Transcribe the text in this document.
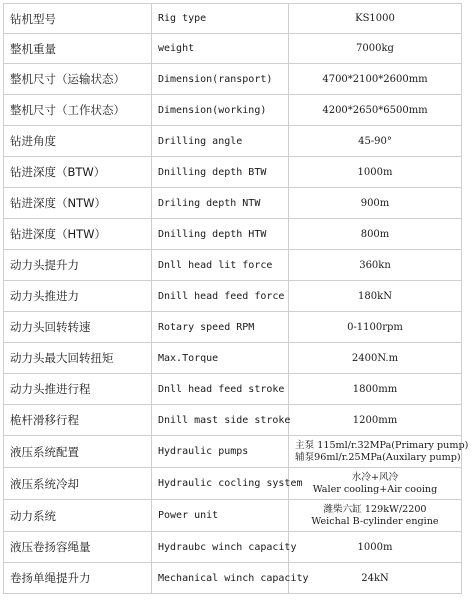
钻机型号	Rig type	KS1000

整机重量	weight	7000kg

整机尺寸（运输状态）	Dimension(ransport)	4700*2100*2600mm

整机尺寸（工作状态）	Dimension(working)	4200*2650*6500mm

钻进角度	Drilling angle	45-90°

钻进深度（BTW）	Dnilling depth BTW	1000m

钻进深度（NTW）	Driling depth NTW	900m

钻进深度（HTW）	Dnilling depth HTW	800m

动力头提升力	Dnll head lit force	360kn

动力头推进力	Dnill head feed force	180kN

动力头回转转速	Rotary speed RPM	0-1100rpm

动力头最大回转扭矩	Max.Torque	2400N.m

动力头推进行程	Dnll head feed stroke	1800mm

桅杆滑移行程	Dnill mast side stroke	1200mm

液压系统配置	Hydraulic pumps	主泵 115ml/r.32MPa(Primary pump)
辅泵96ml/r.25MPa(Auxilary pump)

液压系统冷却	Hydraulic cocling system	水冷+风冷
Waler cooling+Air cooing

动力系统	Power unit	潍柴六缸 129kW/2200
Weichal B-cylinder engine

液压卷扬容绳量	Hydraubc winch capacity	1000m

卷扬单绳提升力	Mechanical winch capacity	24kN
